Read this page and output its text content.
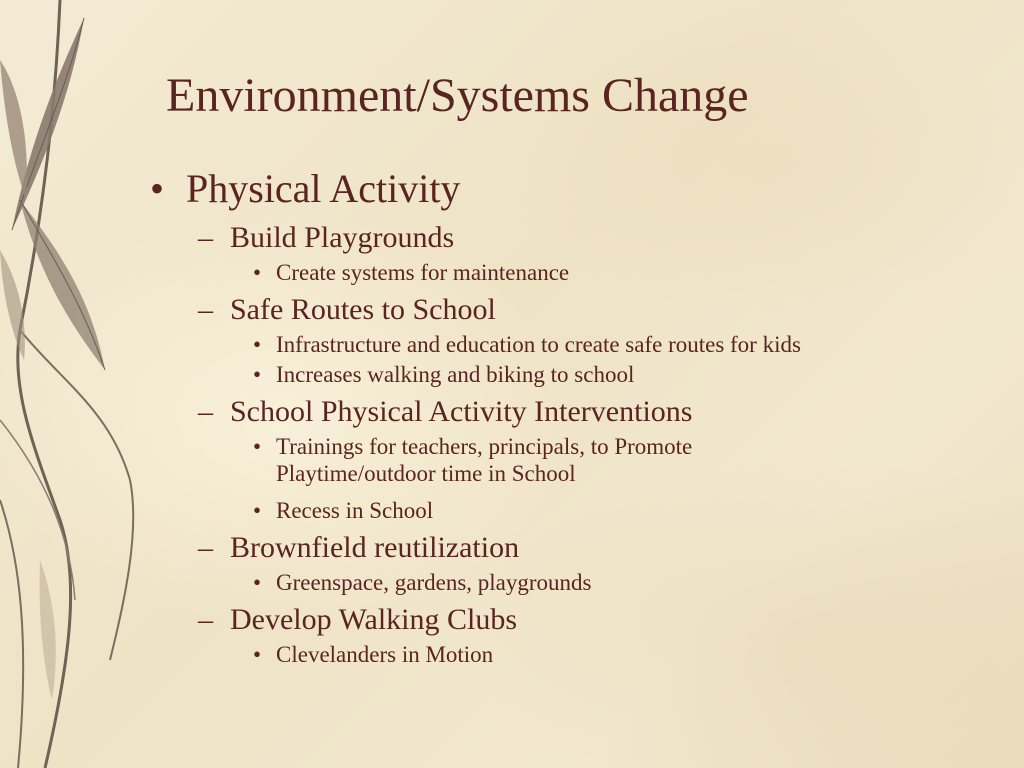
Environment/Systems Change
• Physical Activity
– Build Playgrounds
• Create systems for maintenance
– Safe Routes to School
• Infrastructure and education to create safe routes for kids
• Increases walking and biking to school
– School Physical Activity Interventions
• Trainings for teachers, principals, to Promote Playtime/outdoor time in School
• Recess in School
– Brownfield reutilization
• Greenspace, gardens, playgrounds
– Develop Walking Clubs
• Clevelanders in Motion
